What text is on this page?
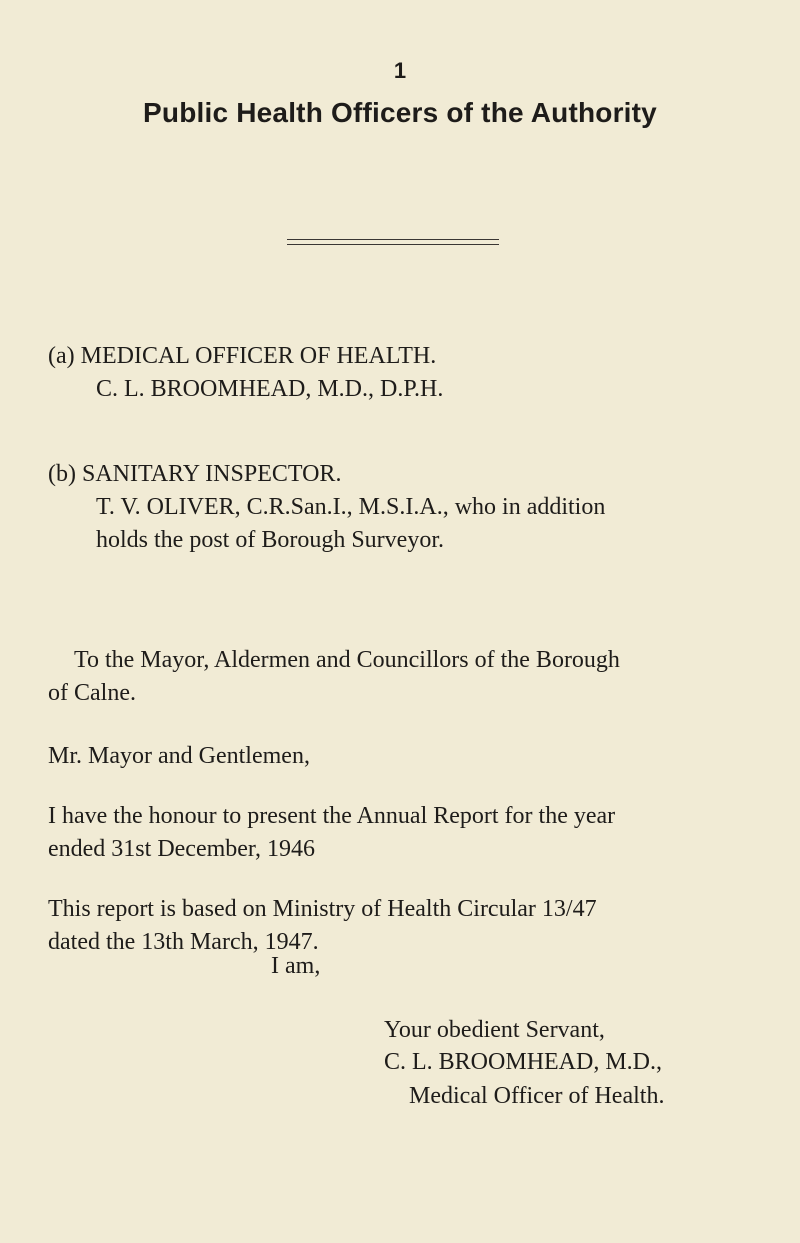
1
Public Health Officers of the Authority
(a) MEDICAL OFFICER OF HEALTH.
C. L. BROOMHEAD, M.D., D.P.H.
(b) SANITARY INSPECTOR.
T. V. OLIVER, C.R.San.I., M.S.I.A., who in addition
holds the post of Borough Surveyor.
To the Mayor, Aldermen and Councillors of the Borough
of Calne.
Mr. Mayor and Gentlemen,
I have the honour to present the Annual Report for the year
ended 31st December, 1946
This report is based on Ministry of Health Circular 13/47
dated the 13th March, 1947.
I am,
Your obedient Servant,
C. L. BROOMHEAD, M.D.,
Medical Officer of Health.
